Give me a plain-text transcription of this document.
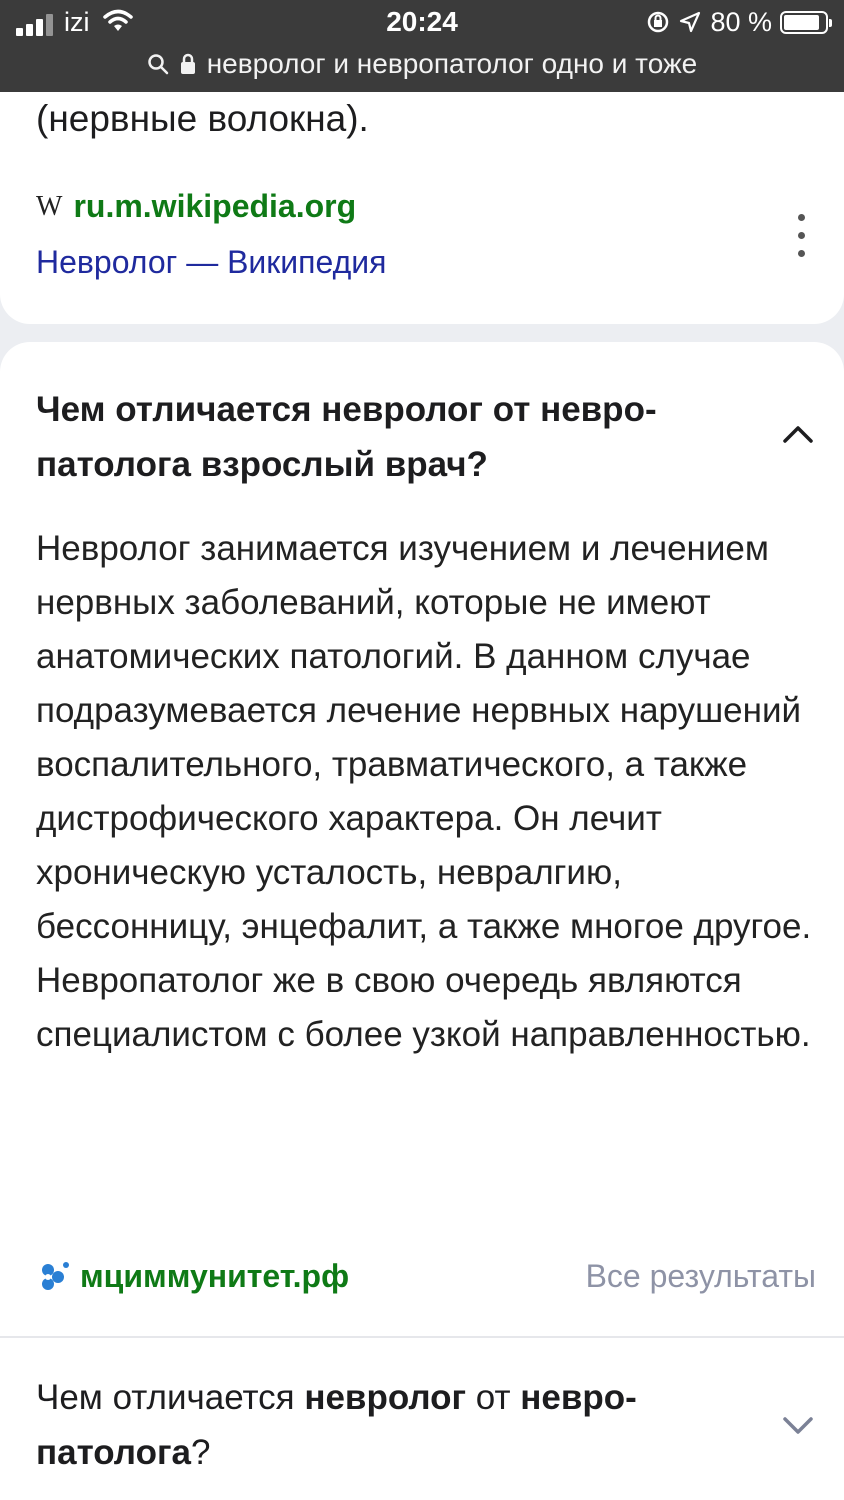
izi	20:24	80 %
невролог и невропатолог одно и тоже
(нервные волокна).
W ru.m.wikipedia.org
Невролог — Википедия
Чем отличается невролог от невро-патолога взрослый врач?
Невролог занимается изучением и лечением нервных заболеваний, которые не имеют анатомических патологий. В данном случае подразумевается лечение нервных нарушений воспалительного, травматического, а также дистрофического характера. Он лечит хроническую усталость, невралгию, бессонницу, энцефалит, а также многое другое. Невропатолог же в свою очередь являются специалистом с более узкой направленностью.
мциммунитет.рф	Все результаты
Чем отличается невролог от невро-патолога?
